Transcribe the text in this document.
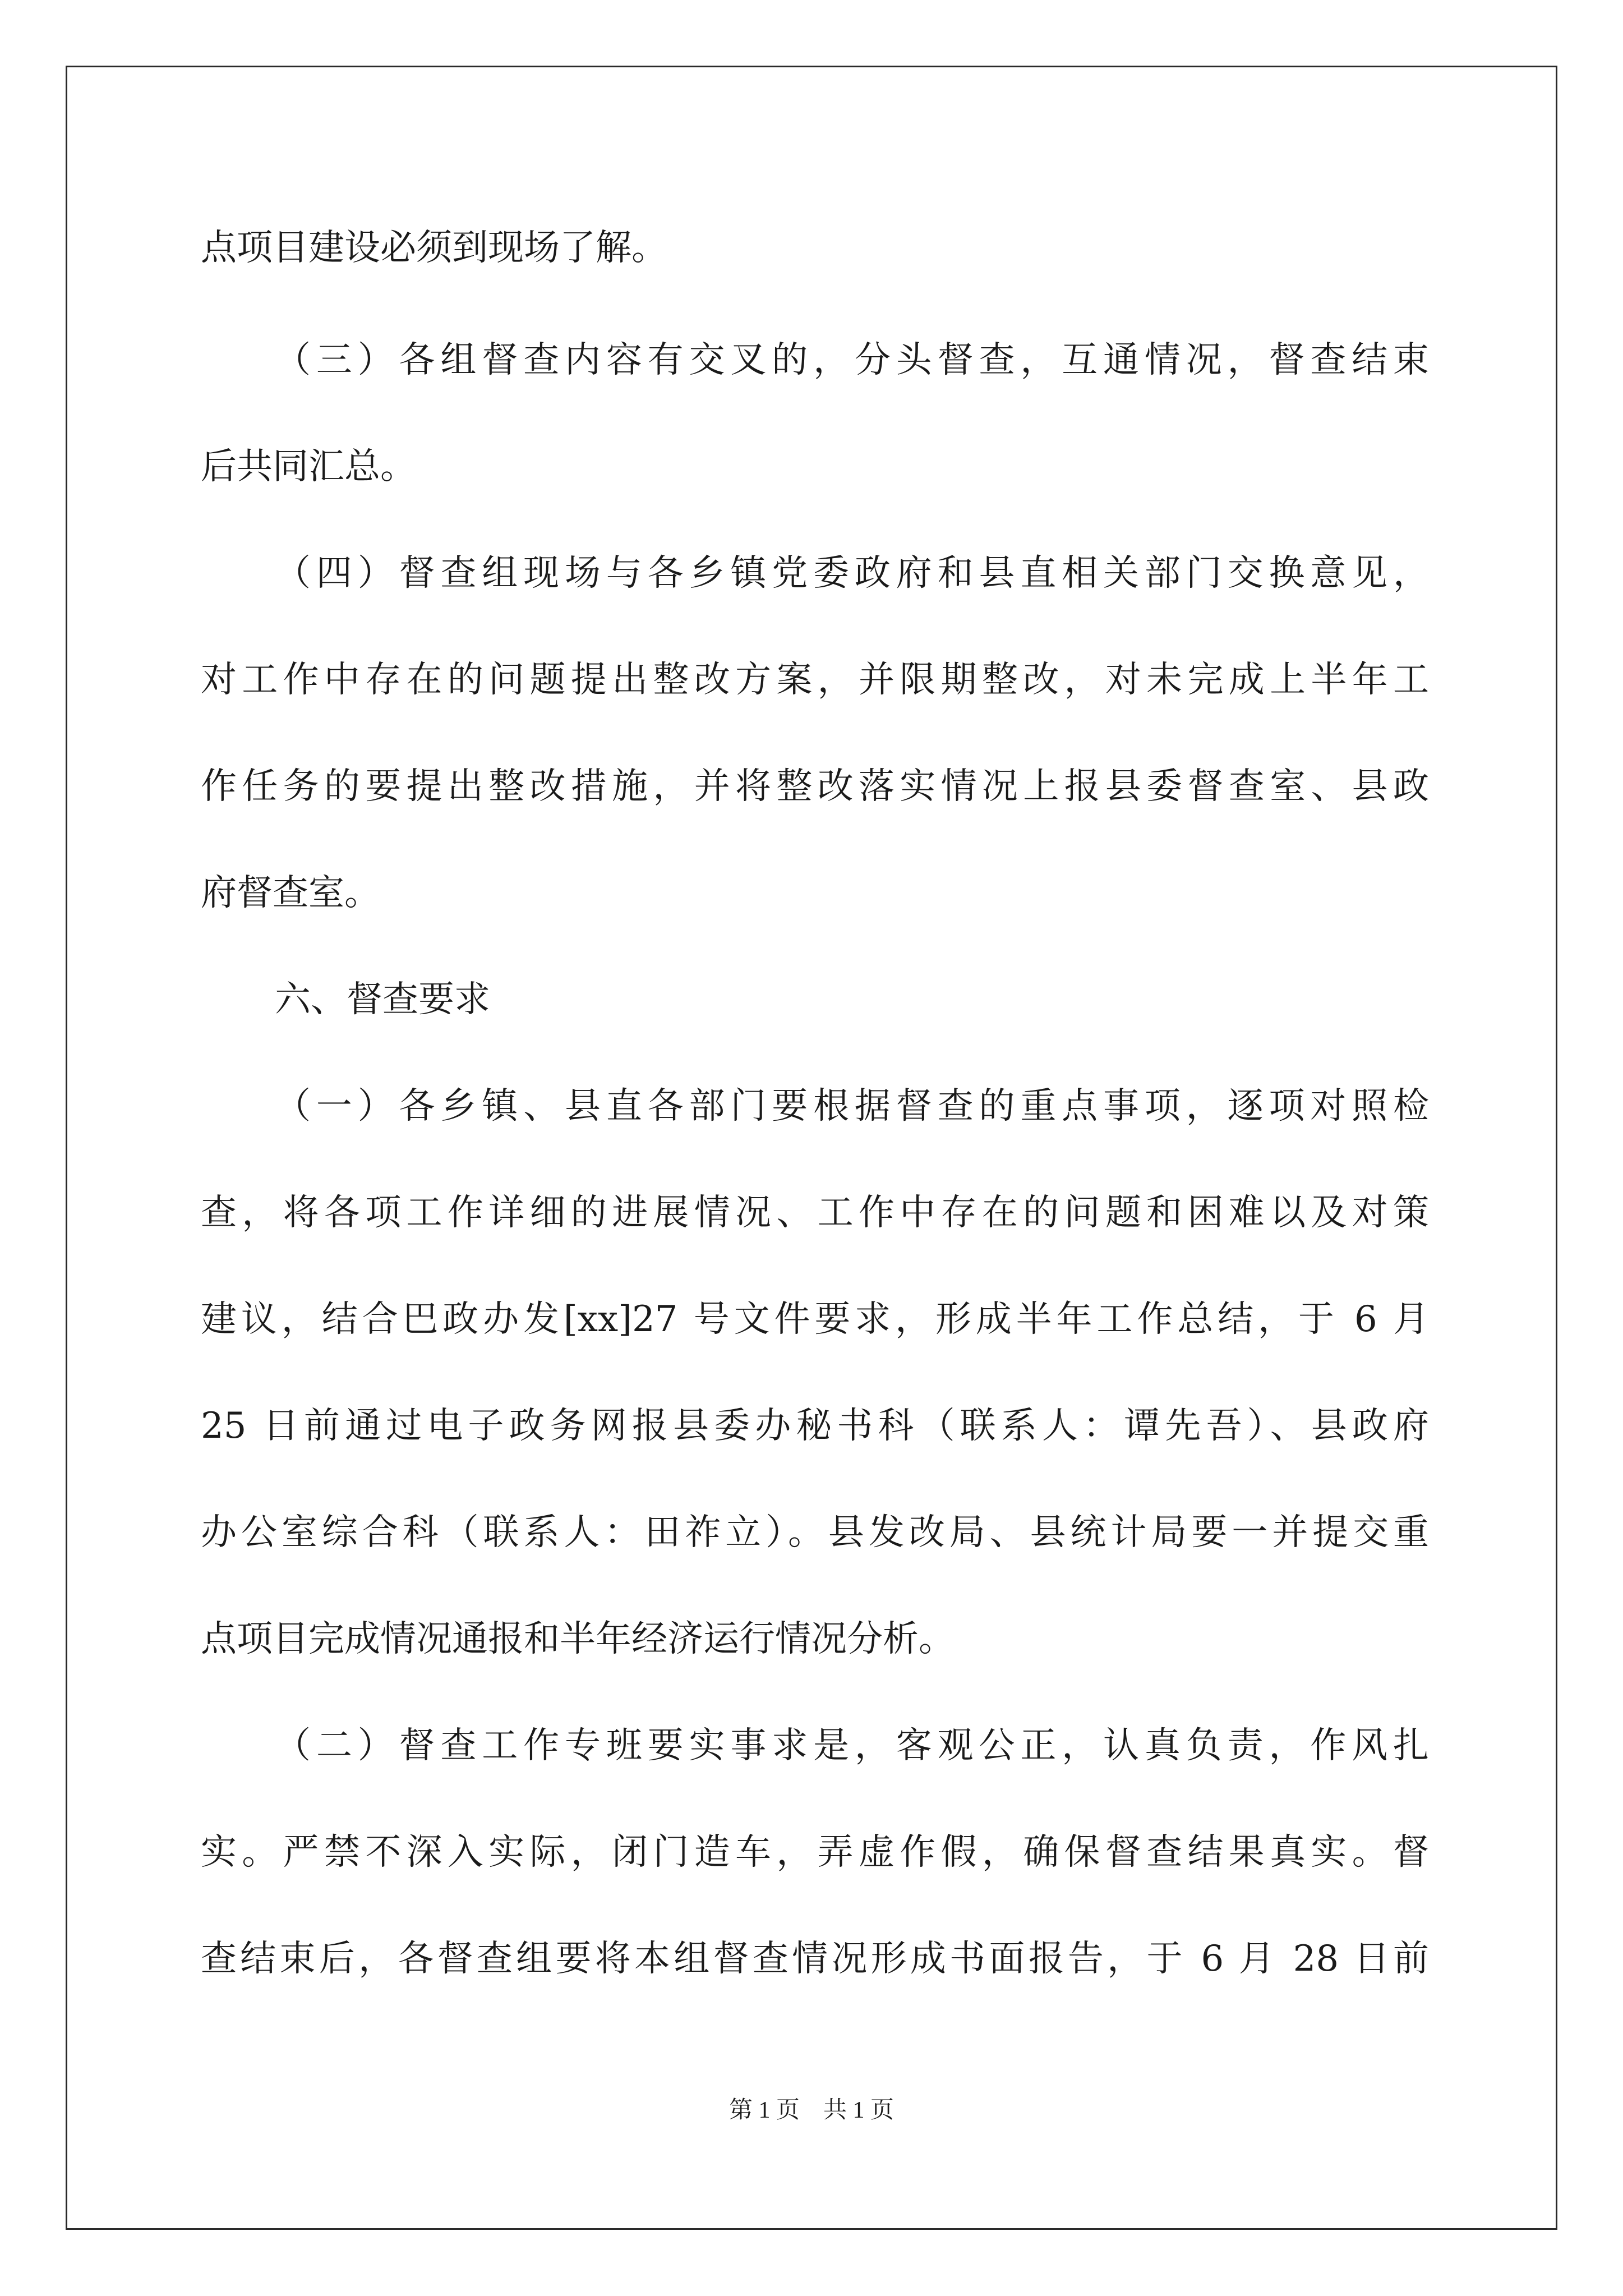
点项目建设必须到现场了解。
（三）各组督查内容有交叉的，分头督查，互通情况，督查结束
后共同汇总。
（四）督查组现场与各乡镇党委政府和县直相关部门交换意见，
对工作中存在的问题提出整改方案，并限期整改，对未完成上半年工
作任务的要提出整改措施，并将整改落实情况上报县委督查室、县政
府督查室。
六、督查要求
（一）各乡镇、县直各部门要根据督查的重点事项，逐项对照检
查，将各项工作详细的进展情况、工作中存在的问题和困难以及对策
建议，结合巴政办发[xx]27 号文件要求，形成半年工作总结，于 6 月
25 日前通过电子政务网报县委办秘书科（联系人：谭先吾）、县政府
办公室综合科（联系人：田祚立）。县发改局、县统计局要一并提交重
点项目完成情况通报和半年经济运行情况分析。
（二）督查工作专班要实事求是，客观公正，认真负责，作风扎
实。严禁不深入实际，闭门造车，弄虚作假，确保督查结果真实。督
查结束后，各督查组要将本组督查情况形成书面报告，于 6 月 28 日前
第 1 页　共 1 页
